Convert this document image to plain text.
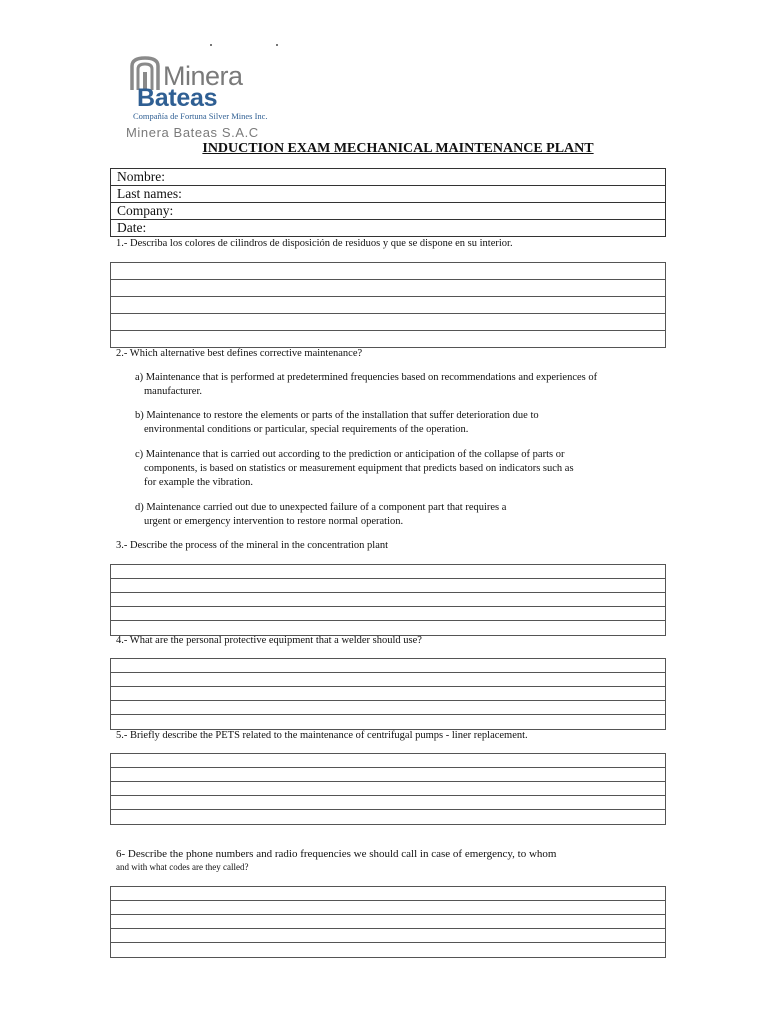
Minera
Bateas
Compañía de Fortuna Silver Mines Inc.
Minera Bateas S.A.C
INDUCTION EXAM MECHANICAL MAINTENANCE PLANT
Nombre:
Last names:
Company:
Date:
1.- Describa los colores de cilindros de disposición de residuos y que se dispone en su interior.
2.- Which alternative best defines corrective maintenance?
a) Maintenance that is performed at predetermined frequencies based on recommendations and experiences of
manufacturer.
b) Maintenance to restore the elements or parts of the installation that suffer deterioration due to
environmental conditions or particular, special requirements of the operation.
c) Maintenance that is carried out according to the prediction or anticipation of the collapse of parts or
components, is based on statistics or measurement equipment that predicts based on indicators such as
for example the vibration.
d) Maintenance carried out due to unexpected failure of a component part that requires a
urgent or emergency intervention to restore normal operation.
3.- Describe the process of the mineral in the concentration plant
4.- What are the personal protective equipment that a welder should use?
5.- Briefly describe the PETS related to the maintenance of centrifugal pumps - liner replacement.
6- Describe the phone numbers and radio frequencies we should call in case of emergency, to whom
and with what codes are they called?
